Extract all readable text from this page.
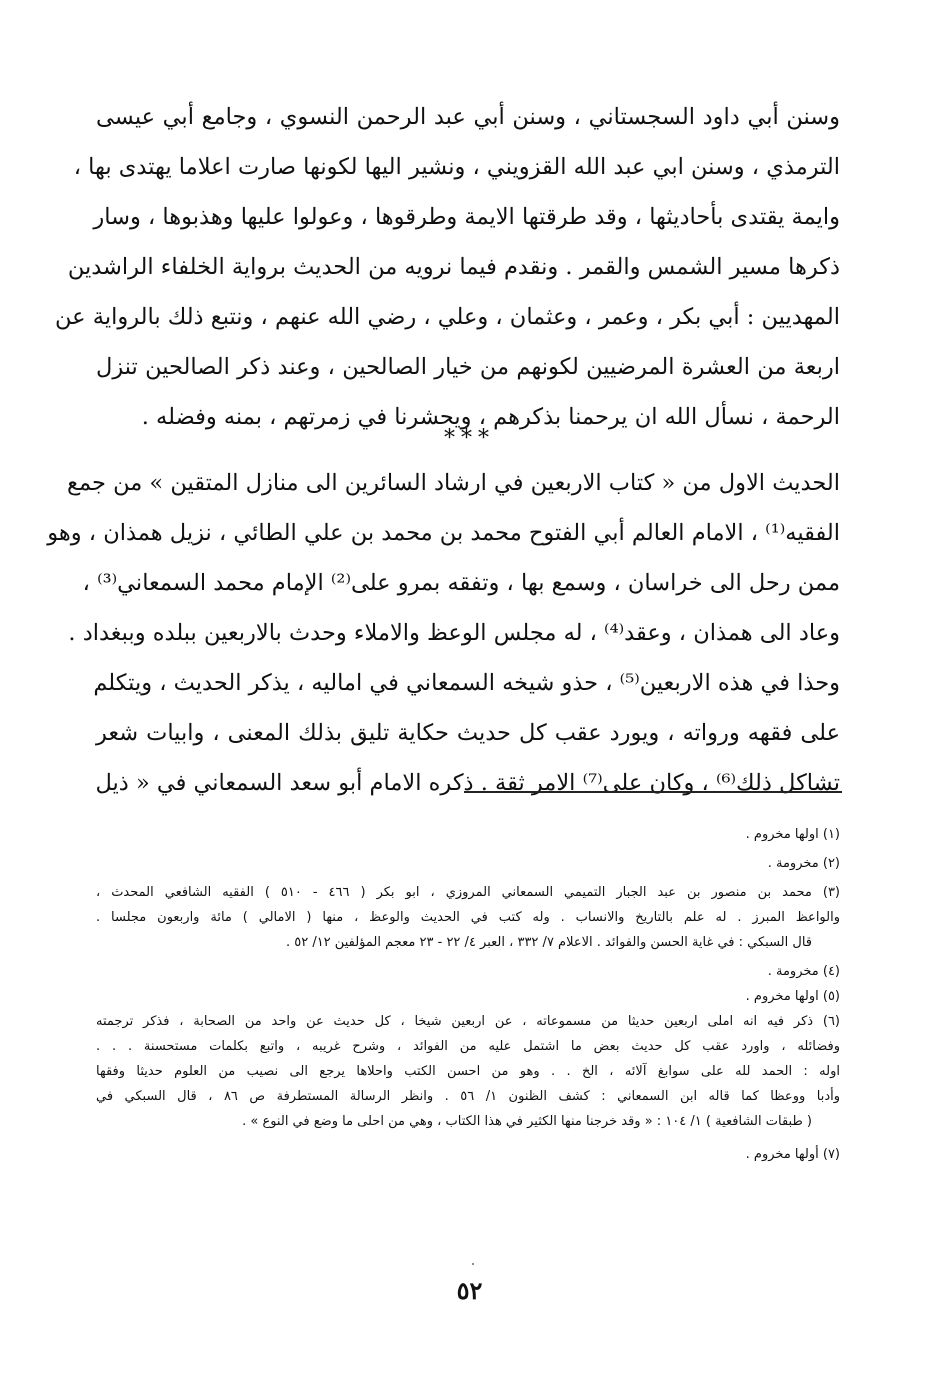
وسنن أبي داود السجستاني ، وسنن أبي عبد الرحمن النسوي ، وجامع أبي عيسى
الترمذي ، وسنن ابي عبد الله القزويني ، ونشير اليها لكونها صارت اعلاما يهتدى بها ،
وايمة يقتدى بأحاديثها ، وقد طرقتها الايمة وطرقوها ، وعولوا عليها وهذبوها ، وسار
ذكرها مسير الشمس والقمر . ونقدم فيما نرويه من الحديث برواية الخلفاء الراشدين
المهديين : أبي بكر ، وعمر ، وعثمان ، وعلي ، رضي الله عنهم ، ونتبع ذلك بالرواية عن
اربعة من العشرة المرضيين لكونهم من خيار الصالحين ، وعند ذكر الصالحين تنزل
الرحمة ، نسأل الله ان يرحمنا بذكرهم ، ويحشرنا في زمرتهم ، بمنه وفضله .
***
الحديث الاول من « كتاب الاربعين في ارشاد السائرين الى منازل المتقين » من جمع
الفقيه⁽¹⁾ ، الامام العالم أبي الفتوح محمد بن محمد بن علي الطائي ، نزيل همذان ، وهو
ممن رحل الى خراسان ، وسمع بها ، وتفقه بمرو على⁽²⁾ الإمام محمد السمعاني⁽³⁾ ،
وعاد الى همذان ، وعقد⁽⁴⁾ ، له مجلس الوعظ والاملاء وحدث بالاربعين ببلده وببغداد .
وحذا في هذه الاربعين⁽⁵⁾ ، حذو شيخه السمعاني في اماليه ، يذكر الحديث ، ويتكلم
على فقهه ورواته ، ويورد عقب كل حديث حكاية تليق بذلك المعنى ، وابيات شعر
تشاكل ذلك⁽⁶⁾ ، وكان على⁽⁷⁾ الامر ثقة . ذكره الامام أبو سعد السمعاني في « ذيل
(١) اولها مخروم .
(٢) مخرومة .
(٣) محمد بن منصور بن عبد الجبار التميمي السمعاني المروزي ، ابو بكر ( ٤٦٦ - ٥١٠ ) الفقيه الشافعي المحدث ،
والواعظ المبرز . له علم بالتاريخ والانساب . وله كتب في الحديث والوعظ ، منها ( الامالي ) مائة واربعون مجلسا .
قال السبكي : في غاية الحسن والفوائد . الاعلام ٧/ ٣٣٢ ، العبر ٤/ ٢٢ - ٢٣ معجم المؤلفين ١٢/ ٥٢ .
(٤) مخرومة .
(٥) اولها مخروم .
(٦) ذكر فيه انه املى اربعين حديثا من مسموعاته ، عن اربعين شيخا ، كل حديث عن واحد من الصحابة ، فذكر ترجمته
وفضائله ، واورد عقب كل حديث بعض ما اشتمل عليه من الفوائد ، وشرح غريبه ، واتبع بكلمات مستحسنة . . .
اوله : الحمد لله على سوابغ آلائه ، الخ . . وهو من احسن الكتب واحلاها يرجع الى نصيب من العلوم حديثا وفقها
وأدبا ووعظا كما قاله ابن السمعاني : كشف الظنون ١/ ٥٦ . وانظر الرسالة المستطرفة ص ٨٦ ، قال السبكي في
( طبقات الشافعية ) ١/ ١٠٤ : « وقد خرجنا منها الكثير في هذا الكتاب ، وهي من احلى ما وضع في النوع » .
(٧) أولها مخروم .
٥٢
